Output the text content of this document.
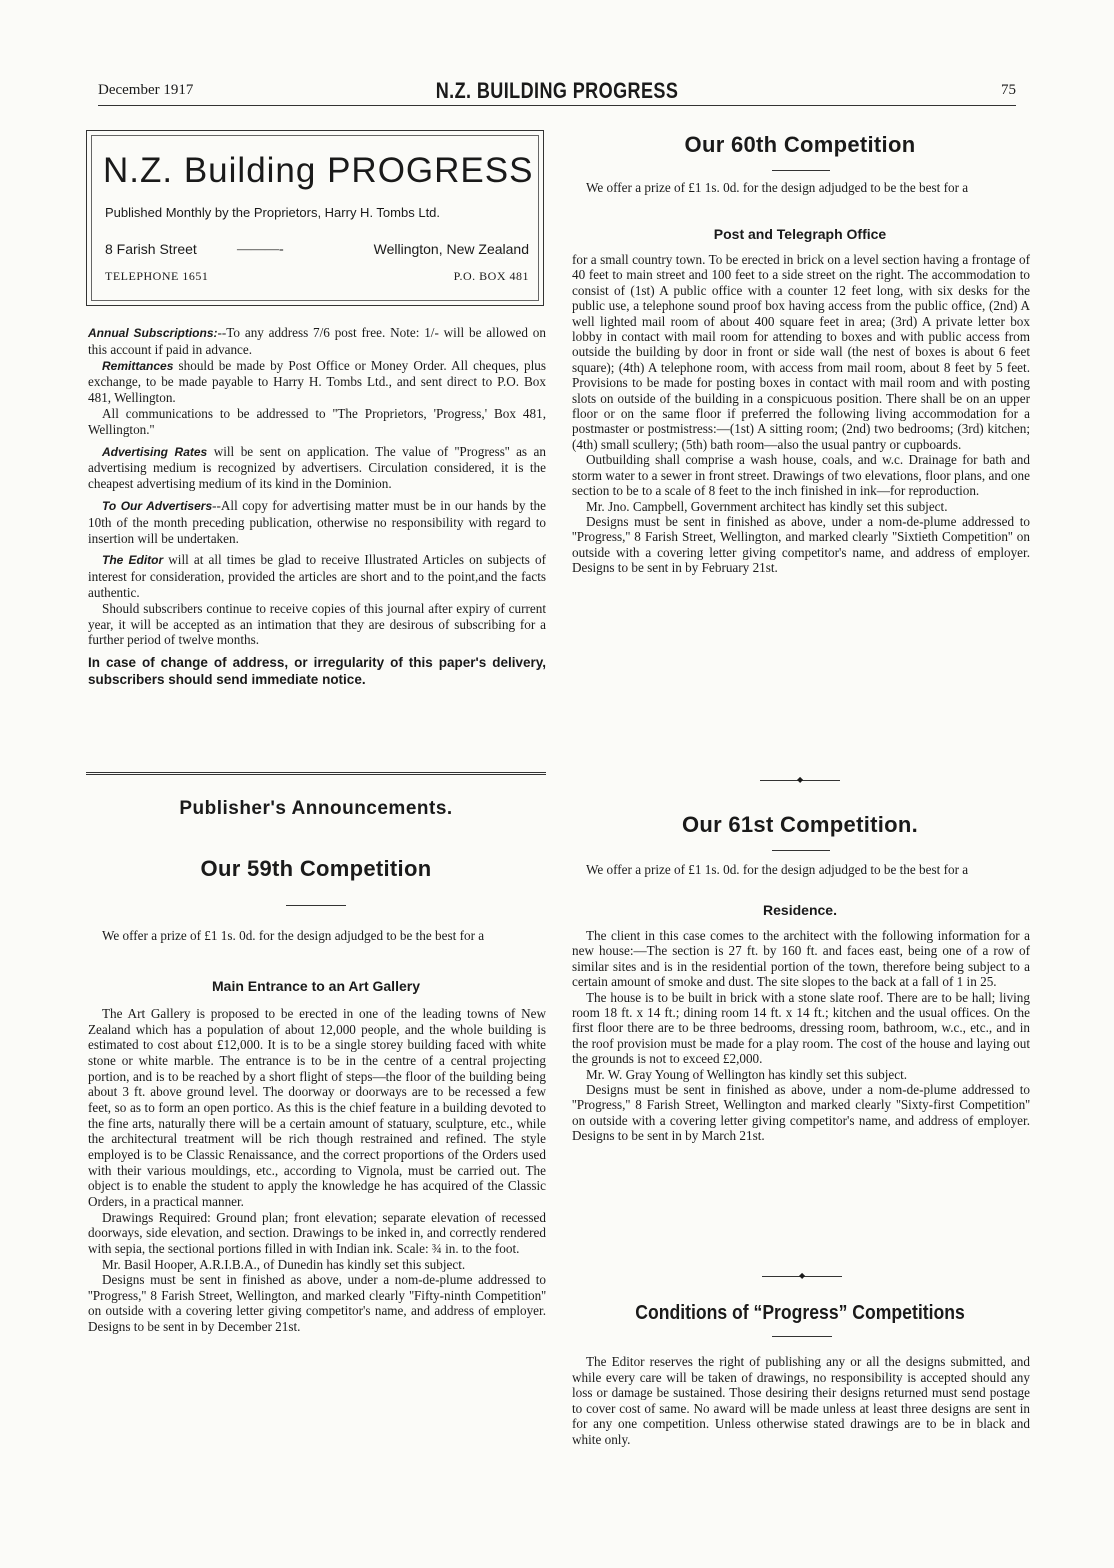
December 1917	N.Z. BUILDING PROGRESS	75
N.Z. Building PROGRESS
Published Monthly by the Proprietors, Harry H. Tombs Ltd.
8 Farish Street	———-	Wellington, New Zealand
TELEPHONE 1651	P.O. BOX 481

Annual Subscriptions:--To any address 7/6 post free. Note: 1/- will be allowed on this account if paid in advance.

Remittances should be made by Post Office or Money Order. All cheques, plus exchange, to be made payable to Harry H. Tombs Ltd., and sent direct to P.O. Box 481, Wellington.

All communications to be addressed to ''The Proprietors, 'Progress,' Box 481, Wellington.''

Advertising Rates will be sent on application. The value of ''Progress'' as an advertising medium is recognized by advertisers. Circulation considered, it is the cheapest advertising medium of its kind in the Dominion.

To Our Advertisers--All copy for advertising matter must be in our hands by the 10th of the month preceding publication, otherwise no responsibility with regard to insertion will be undertaken.

The Editor will at all times be glad to receive Illustrated Articles on subjects of interest for consideration, provided the articles are short and to the point,and the facts authentic.

Should subscribers continue to receive copies of this journal after expiry of current year, it will be accepted as an intimation that they are desirous of subscribing for a further period of twelve months.

In case of change of address, or irregularity of this paper's delivery, subscribers should send immediate notice.

Publisher's Announcements.
Our 59th Competition

We offer a prize of £1 1s. 0d. for the design adjudged to be the best for a

Main Entrance to an Art Gallery

The Art Gallery is proposed to be erected in one of the leading towns of New Zealand which has a population of about 12,000 people, and the whole building is estimated to cost about £12,000. It is to be a single storey building faced with white stone or white marble. The entrance is to be in the centre of a central projecting portion, and is to be reached by a short flight of steps—the floor of the building being about 3 ft. above ground level. The doorway or doorways are to be recessed a few feet, so as to form an open portico. As this is the chief feature in a building devoted to the fine arts, naturally there will be a certain amount of statuary, sculpture, etc., while the architectural treatment will be rich though restrained and refined. The style employed is to be Classic Renaissance, and the correct proportions of the Orders used with their various mouldings, etc., according to Vignola, must be carried out. The object is to enable the student to apply the knowledge he has acquired of the Classic Orders, in a practical manner.

Drawings Required: Ground plan; front elevation; separate elevation of recessed doorways, side elevation, and section. Drawings to be inked in, and correctly rendered with sepia, the sectional portions filled in with Indian ink. Scale: ¾ in. to the foot.

Mr. Basil Hooper, A.R.I.B.A., of Dunedin has kindly set this subject.

Designs must be sent in finished as above, under a nom-de-plume addressed to ''Progress,'' 8 Farish Street, Wellington, and marked clearly ''Fifty-ninth Competition'' on outside with a covering letter giving competitor's name, and address of employer. Designs to be sent in by December 21st.

Our 60th Competition

We offer a prize of £1 1s. 0d. for the design adjudged to be the best for a

Post and Telegraph Office

for a small country town. To be erected in brick on a level section having a frontage of 40 feet to main street and 100 feet to a side street on the right. The accommodation to consist of (1st) A public office with a counter 12 feet long, with six desks for the public use, a telephone sound proof box having access from the public office, (2nd) A well lighted mail room of about 400 square feet in area; (3rd) A private letter box lobby in contact with mail room for attending to boxes and with public access from outside the building by door in front or side wall (the nest of boxes is about 6 feet square); (4th) A telephone room, with access from mail room, about 8 feet by 5 feet. Provisions to be made for posting boxes in contact with mail room and with posting slots on outside of the building in a conspicuous position. There shall be on an upper floor or on the same floor if preferred the following living accommodation for a postmaster or postmistress:—(1st) A sitting room; (2nd) two bedrooms; (3rd) kitchen; (4th) small scullery; (5th) bath room—also the usual pantry or cupboards.

Outbuilding shall comprise a wash house, coals, and w.c. Drainage for bath and storm water to a sewer in front street. Drawings of two elevations, floor plans, and one section to be to a scale of 8 feet to the inch finished in ink—for reproduction.

Mr. Jno. Campbell, Government architect has kindly set this subject.

Designs must be sent in finished as above, under a nom-de-plume addressed to ''Progress,'' 8 Farish Street, Wellington, and marked clearly ''Sixtieth Competition'' on outside with a covering letter giving competitor's name, and address of employer. Designs to be sent in by February 21st.

◆
Our 61st Competition.

We offer a prize of £1 1s. 0d. for the design adjudged to be the best for a

Residence.

The client in this case comes to the architect with the following information for a new house:—The section is 27 ft. by 160 ft. and faces east, being one of a row of similar sites and is in the residential portion of the town, therefore being subject to a certain amount of smoke and dust. The site slopes to the back at a fall of 1 in 25.

The house is to be built in brick with a stone slate roof. There are to be hall; living room 18 ft. x 14 ft.; dining room 14 ft. x 14 ft.; kitchen and the usual offices. On the first floor there are to be three bedrooms, dressing room, bathroom, w.c., etc., and in the roof provision must be made for a play room. The cost of the house and laying out the grounds is not to exceed £2,000.

Mr. W. Gray Young of Wellington has kindly set this subject.

Designs must be sent in finished as above, under a nom-de-plume addressed to ''Progress,'' 8 Farish Street, Wellington and marked clearly ''Sixty-first Competition'' on outside with a covering letter giving competitor's name, and address of employer. Designs to be sent in by March 21st.

◆
Conditions of “Progress” Competitions

The Editor reserves the right of publishing any or all the designs submitted, and while every care will be taken of drawings, no responsibility is accepted should any loss or damage be sustained. Those desiring their designs returned must send postage to cover cost of same. No award will be made unless at least three designs are sent in for any one competition. Unless otherwise stated drawings are to be in black and white only.
